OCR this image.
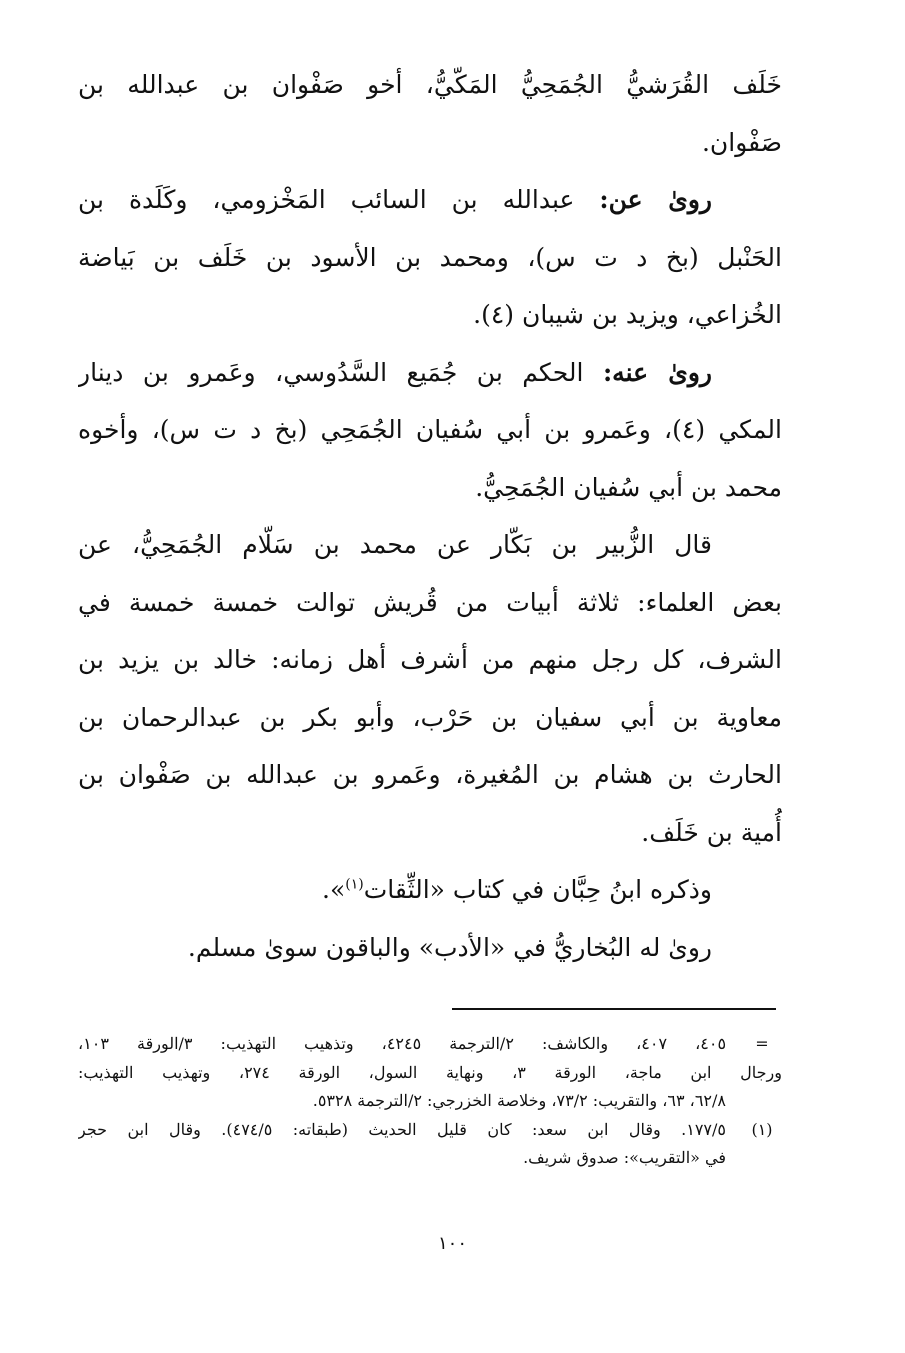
خَلَف القُرَشيُّ الجُمَحِيُّ المَكّيُّ، أخو صَفْوان بن عبدالله بن
صَفْوان.
روىٰ عن: عبدالله بن السائب المَخْزومي، وكَلَدة بن
الحَنْبل (بخ د ت س)، ومحمد بن الأسود بن خَلَف بن بَياضة
الخُزاعي، ويزيد بن شيبان (٤).
روىٰ عنه: الحكم بن جُمَيع السَّدُوسي، وعَمرو بن دينار
المكي (٤)، وعَمرو بن أبي سُفيان الجُمَحِي (بخ د ت س)، وأخوه
محمد بن أبي سُفيان الجُمَحِيُّ.
قال الزُّبير بن بَكّار عن محمد بن سَلّام الجُمَحِيُّ، عن
بعض العلماء: ثلاثة أبيات من قُريش توالت خمسة خمسة في
الشرف، كل رجل منهم من أشرف أهل زمانه: خالد بن يزيد بن
معاوية بن أبي سفيان بن حَرْب، وأبو بكر بن عبدالرحمان بن
الحارث بن هشام بن المُغيرة، وعَمرو بن عبدالله بن صَفْوان بن
أُمية بن خَلَف.
وذكره ابنُ حِبَّان في كتاب «الثِّقات$^{(١)}$».
روىٰ له البُخاريُّ في «الأدب» والباقون سوىٰ مسلم.
=
٤٠٥، ٤٠٧، والكاشف: ٢/الترجمة ٤٢٤٥، وتذهيب التهذيب: ٣/الورقة ١٠٣،
ورجال ابن ماجة، الورقة ٣، ونهاية السول، الورقة ٢٧٤، وتهذيب التهذيب:
٦٢/٨، ٦٣، والتقريب: ٧٣/٢، وخلاصة الخزرجي: ٢/الترجمة ٥٣٢٨.
(١)
١٧٧/٥. وقال ابن سعد: كان قليل الحديث (طبقاته: ٤٧٤/٥). وقال ابن حجر
في «التقريب»: صدوق شريف.
١٠٠
